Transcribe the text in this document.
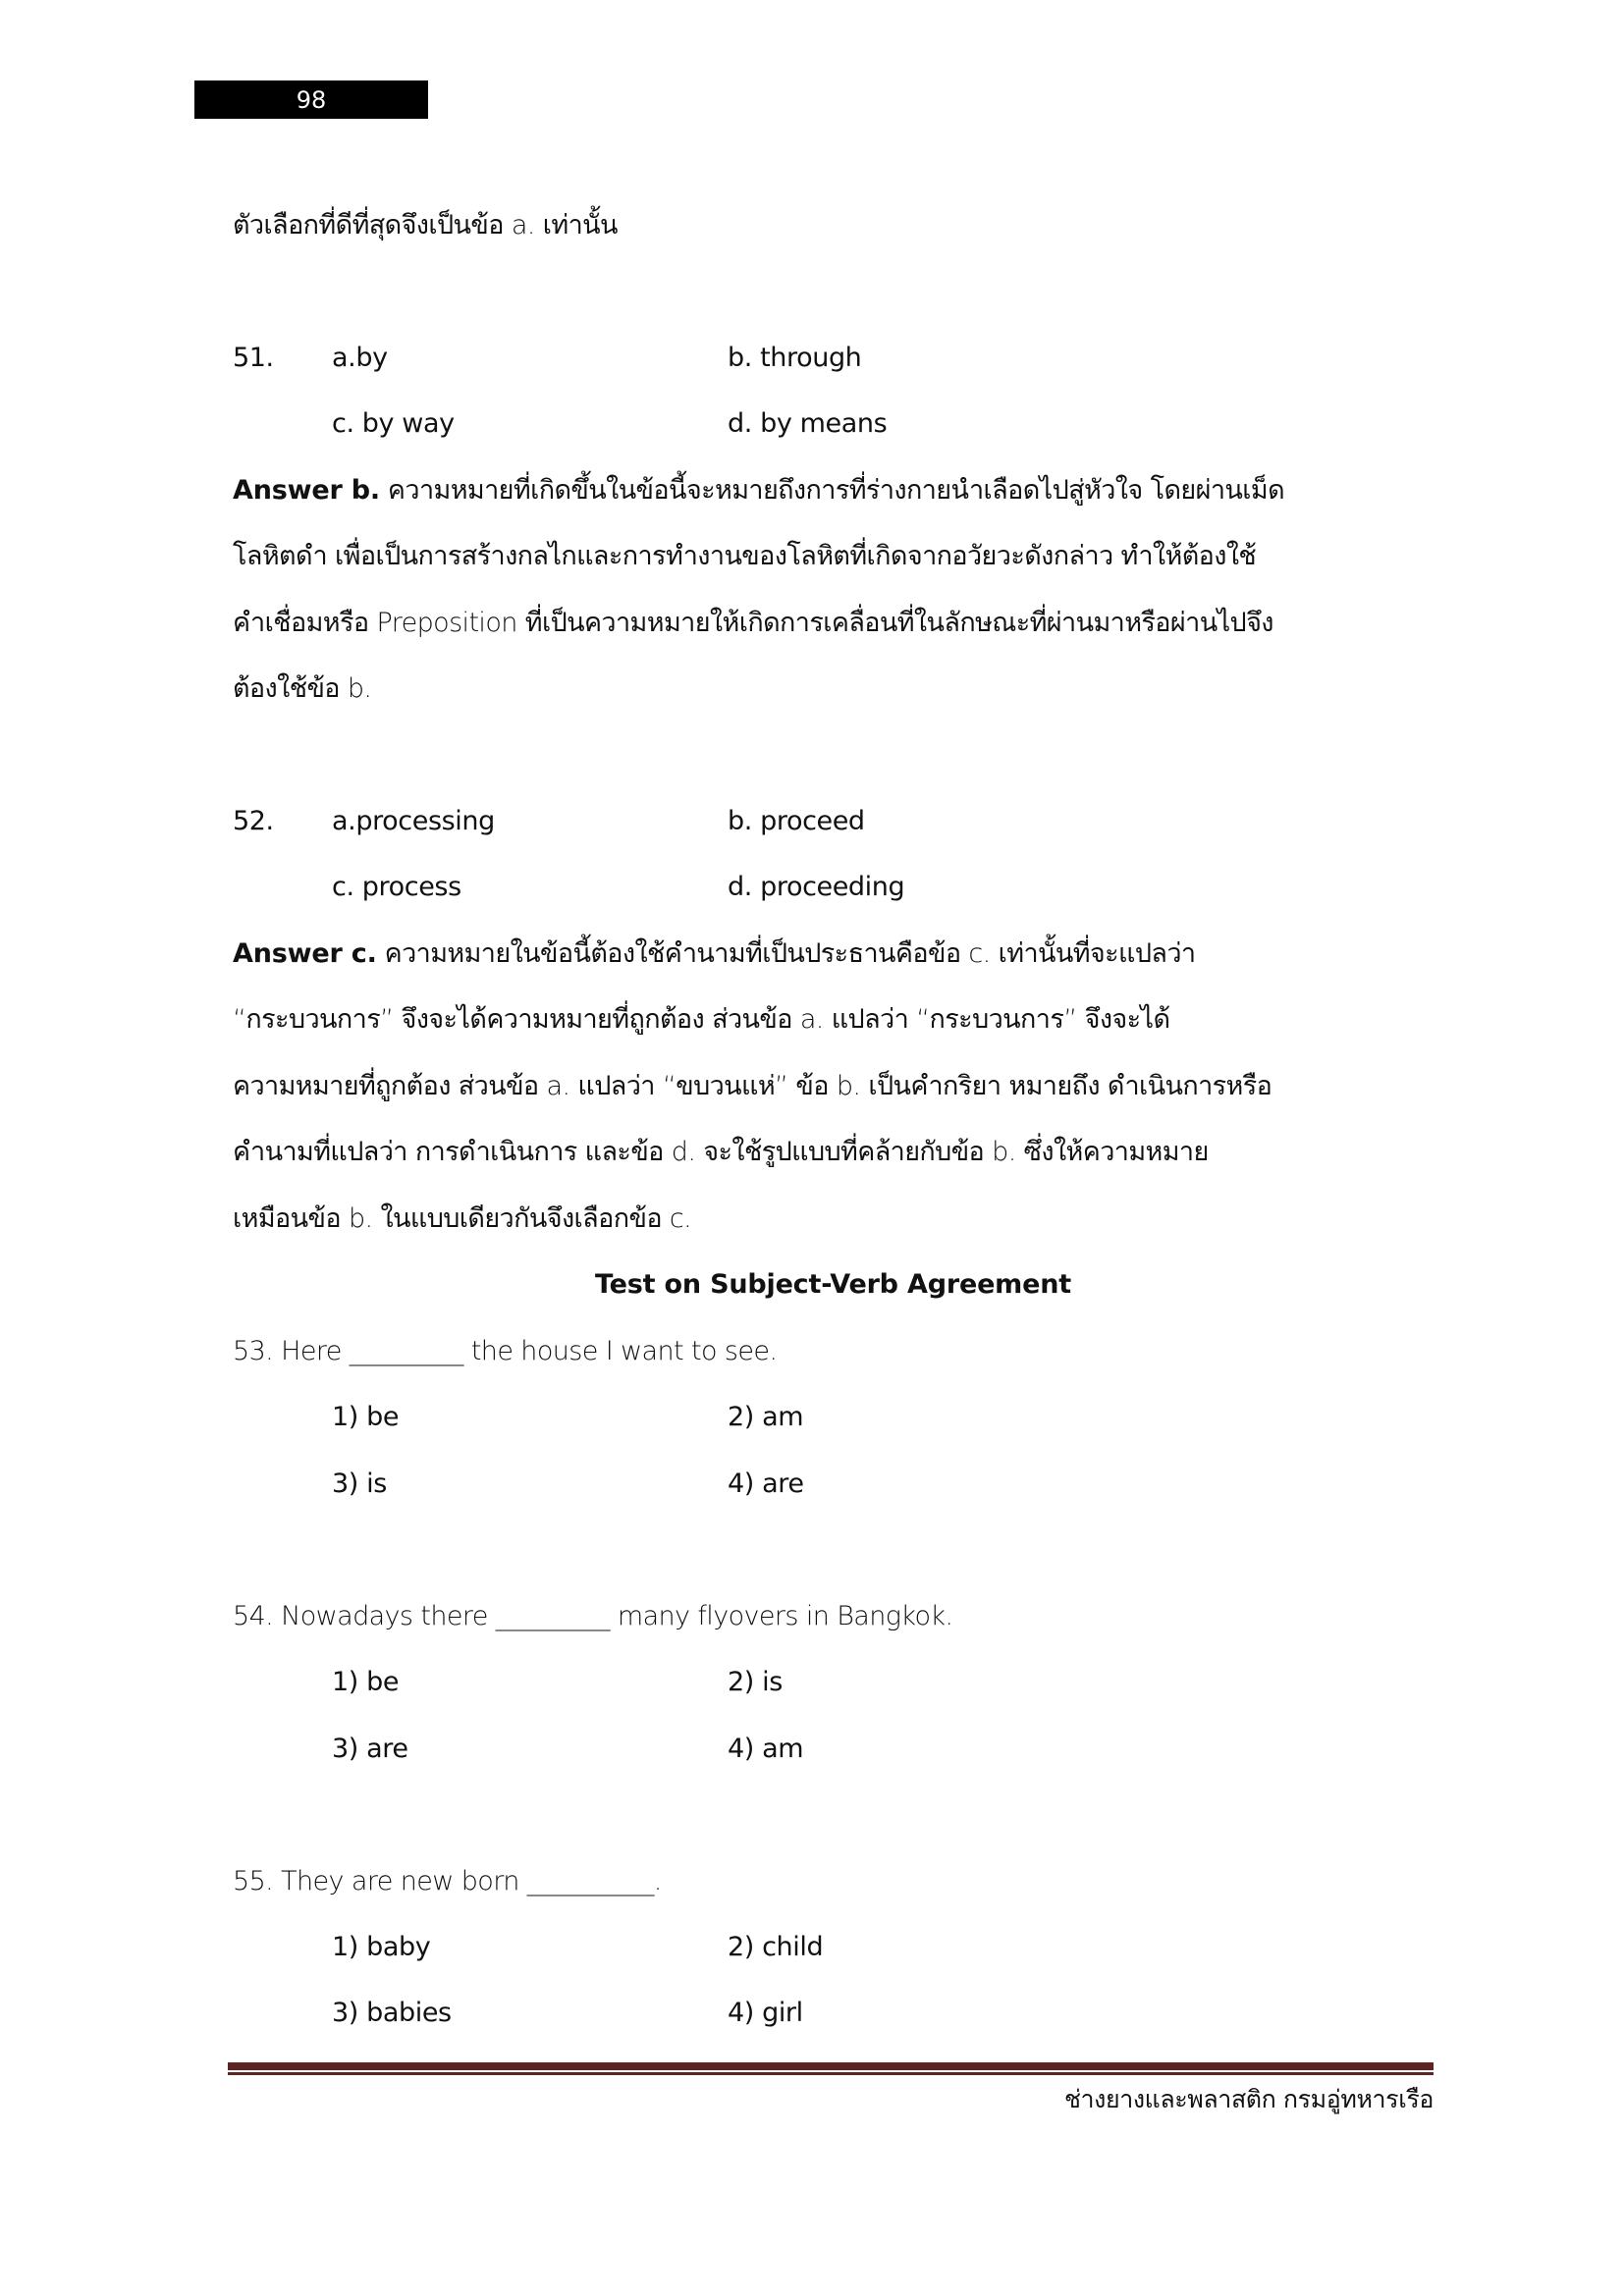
98
ตัวเลือกที่ดีที่สุดจึงเป็นข้อ a. เท่านั้น
51. a.by	b. through
c. by way	d. by means
Answer b. ความหมายที่เกิดขึ้นในข้อนี้จะหมายถึงการที่ร่างกายนำเลือดไปสู่หัวใจ โดยผ่านเม็ด
โลหิตดำ เพื่อเป็นการสร้างกลไกและการทำงานของโลหิตที่เกิดจากอวัยวะดังกล่าว ทำให้ต้องใช้
คำเชื่อมหรือ Preposition ที่เป็นความหมายให้เกิดการเคลื่อนที่ในลักษณะที่ผ่านมาหรือผ่านไปจึง
ต้องใช้ข้อ b.
52. a.processing	b. proceed
c. process	d. proceeding
Answer c. ความหมายในข้อนี้ต้องใช้คำนามที่เป็นประธานคือข้อ c. เท่านั้นที่จะแปลว่า
“กระบวนการ” จึงจะได้ความหมายที่ถูกต้อง ส่วนข้อ a. แปลว่า “กระบวนการ” จึงจะได้
ความหมายที่ถูกต้อง ส่วนข้อ a. แปลว่า “ขบวนแห่” ข้อ b. เป็นคำกริยา หมายถึง ดำเนินการหรือ
คำนามที่แปลว่า การดำเนินการ และข้อ d. จะใช้รูปแบบที่คล้ายกับข้อ b. ซึ่งให้ความหมาย
เหมือนข้อ b. ในแบบเดียวกันจึงเลือกข้อ c.
Test on Subject-Verb Agreement
53. Here _________ the house I want to see.
1) be	2) am
3) is	4) are
54. Nowadays there _________ many flyovers in Bangkok.
1) be	2) is
3) are	4) am
55. They are new born __________.
1) baby	2) child
3) babies	4) girl
ช่างยางและพลาสติก กรมอู่ทหารเรือ
